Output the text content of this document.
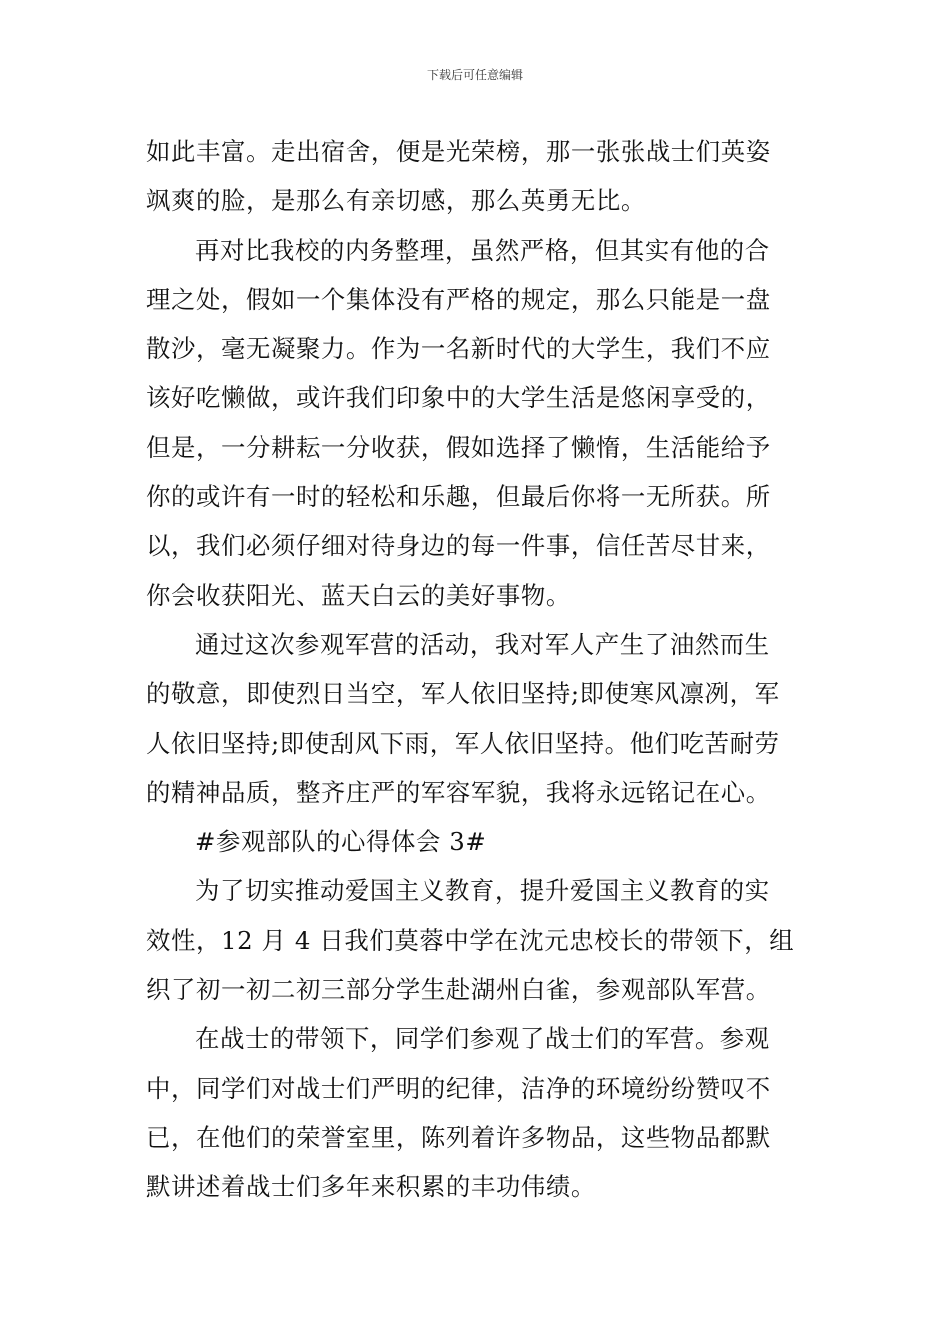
下载后可任意编辑

如此丰富。走出宿舍，便是光荣榜，那一张张战士们英姿
飒爽的脸，是那么有亲切感，那么英勇无比。

再对比我校的内务整理，虽然严格，但其实有他的合
理之处，假如一个集体没有严格的规定，那么只能是一盘
散沙，毫无凝聚力。作为一名新时代的大学生，我们不应
该好吃懒做，或许我们印象中的大学生活是悠闲享受的，
但是，一分耕耘一分收获，假如选择了懒惰，生活能给予
你的或许有一时的轻松和乐趣，但最后你将一无所获。所
以，我们必须仔细对待身边的每一件事，信任苦尽甘来，
你会收获阳光、蓝天白云的美好事物。

通过这次参观军营的活动，我对军人产生了油然而生
的敬意，即使烈日当空，军人依旧坚持;即使寒风凛冽，军
人依旧坚持;即使刮风下雨，军人依旧坚持。他们吃苦耐劳
的精神品质，整齐庄严的军容军貌，我将永远铭记在心。

#参观部队的心得体会 3#

为了切实推动爱国主义教育，提升爱国主义教育的实
效性，12 月 4 日我们莫蓉中学在沈元忠校长的带领下，组
织了初一初二初三部分学生赴湖州白雀，参观部队军营。

在战士的带领下，同学们参观了战士们的军营。参观
中，同学们对战士们严明的纪律，洁净的环境纷纷赞叹不
已，在他们的荣誉室里，陈列着许多物品，这些物品都默
默讲述着战士们多年来积累的丰功伟绩。
